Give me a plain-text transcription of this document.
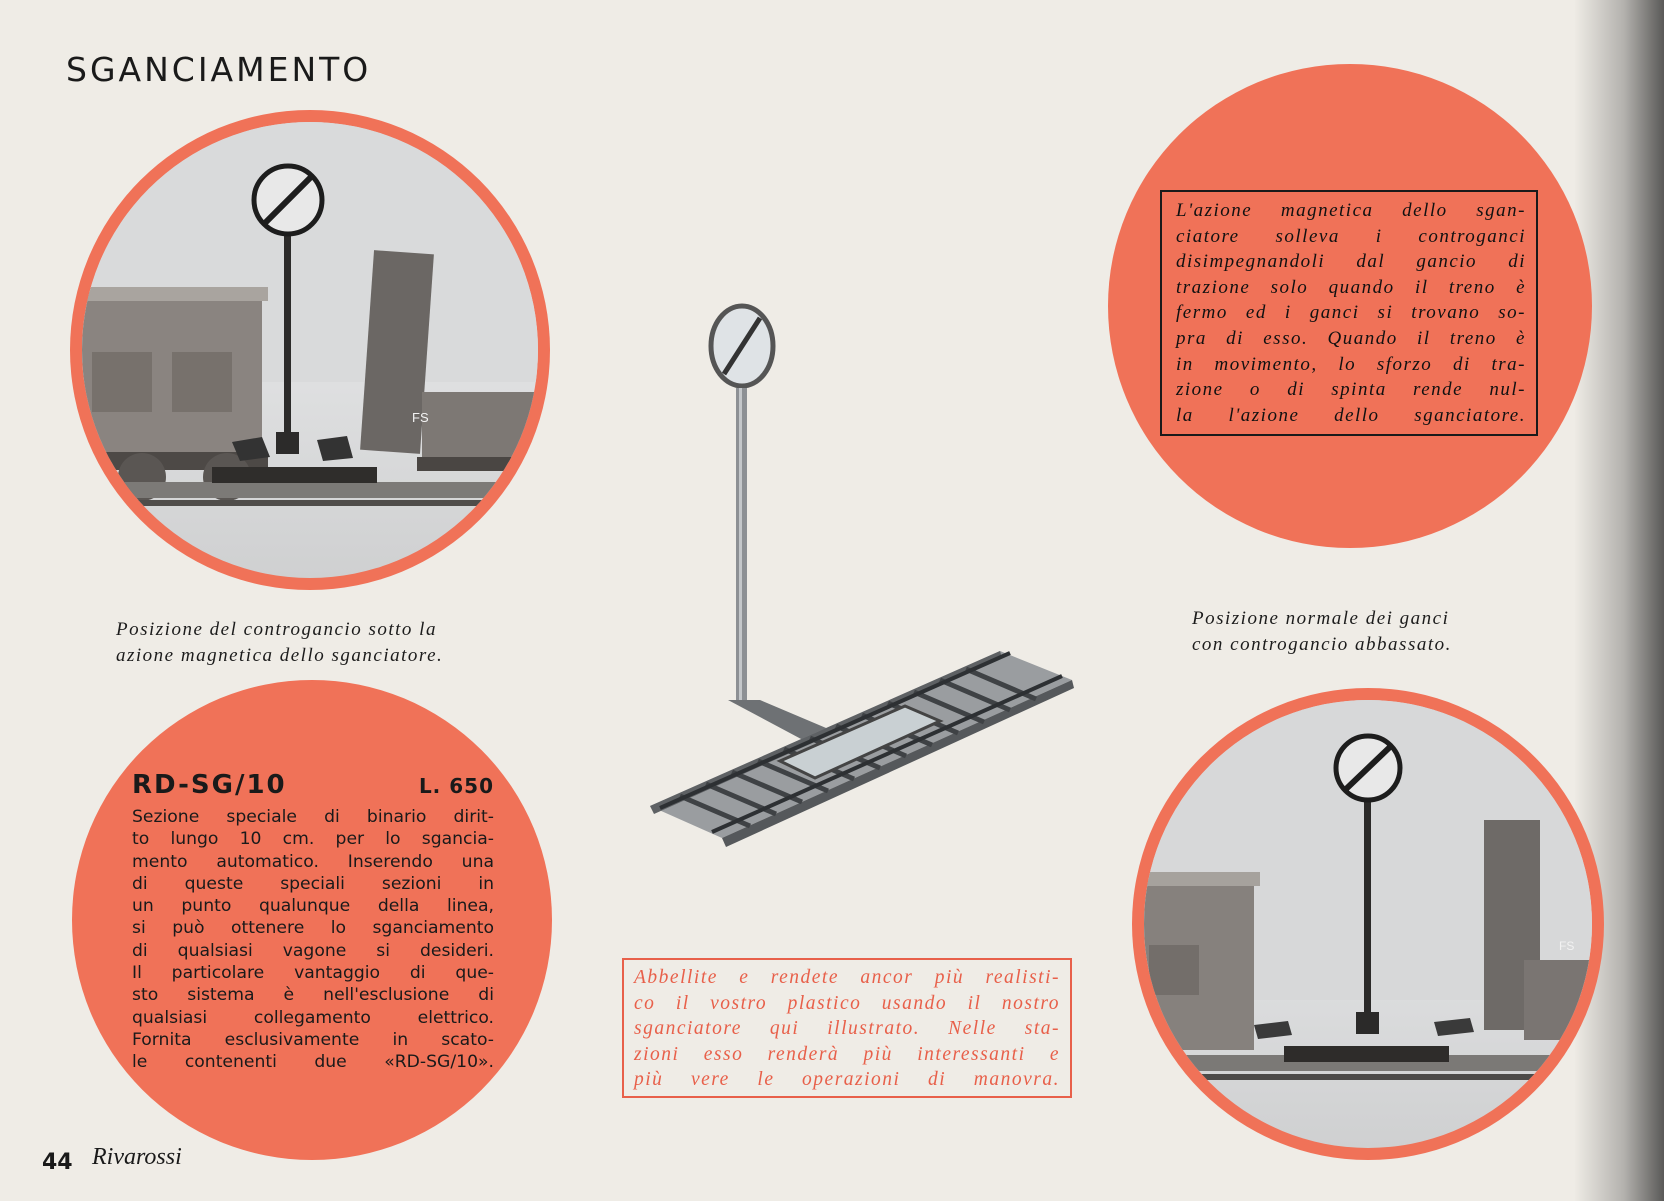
SGANCIAMENTO
FS
Posizione del controgancio sotto la
azione magnetica dello sganciatore.
L'azione magnetica dello sgan-
ciatore solleva i controganci
disimpegnandoli dal gancio di
trazione solo quando il treno è
fermo ed i ganci si trovano so-
pra di esso. Quando il treno è
in movimento, lo sforzo di tra-
zione o di spinta rende nul-
la l'azione dello sganciatore.
Posizione normale dei ganci
con controgancio abbassato.
RD-SG/10	L. 650
Sezione speciale di binario dirit-
to lungo 10 cm. per lo sgancia-
mento automatico. Inserendo una
di queste speciali sezioni in
un punto qualunque della linea,
si può ottenere lo sganciamento
di qualsiasi vagone si desideri.
Il particolare vantaggio di que-
sto sistema è nell'esclusione di
qualsiasi collegamento elettrico.
Fornita esclusivamente in scato-
le contenenti due «RD-SG/10».
Abbellite e rendete ancor più realisti-
co il vostro plastico usando il nostro
sganciatore qui illustrato. Nelle sta-
zioni esso renderà più interessanti e
più vere le operazioni di manovra.
FS
44 Rivarossi
